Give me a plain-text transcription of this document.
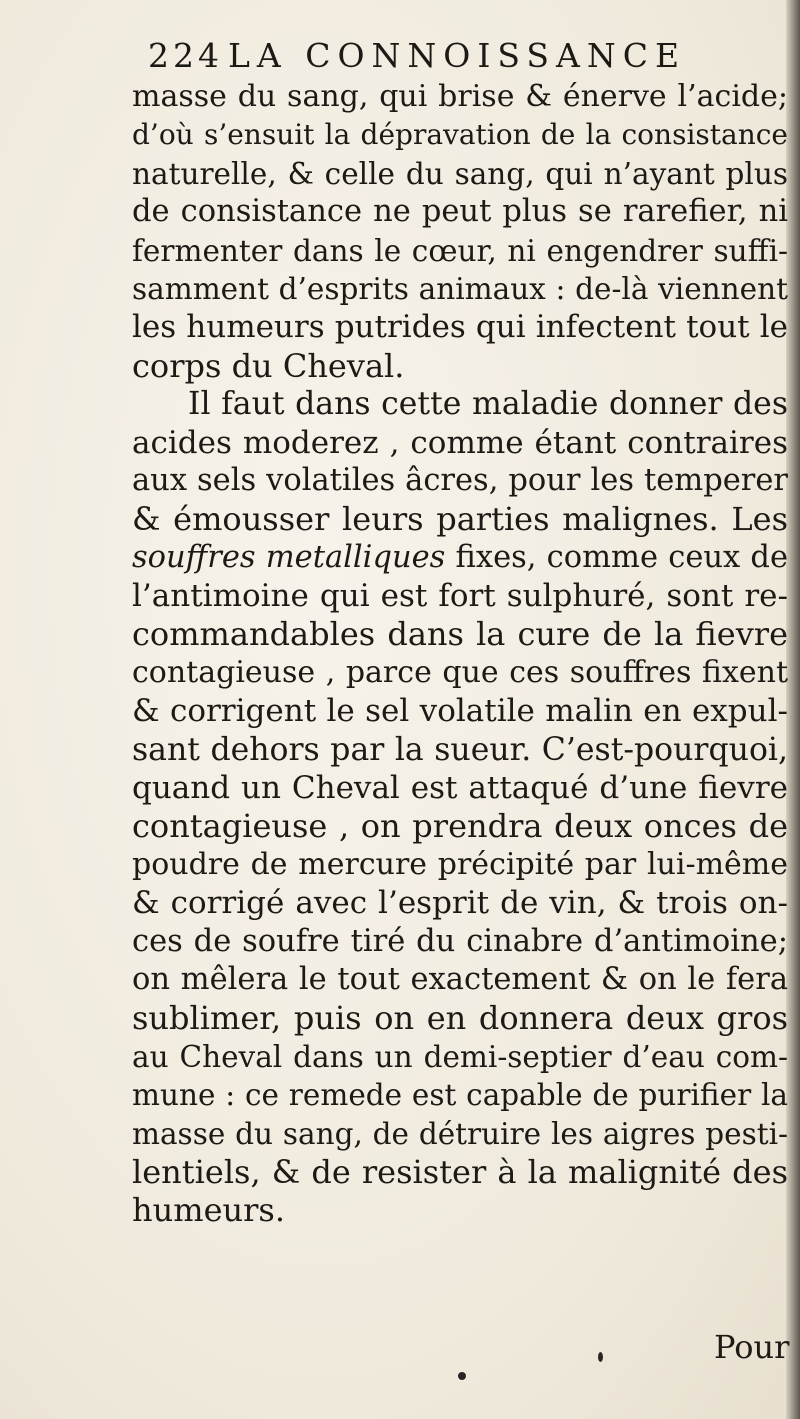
224 LA CONNOISSANCE
masse du sang, qui brise & énerve l’acide;
d’où s’ensuit la dépravation de la consistance
naturelle, & celle du sang, qui n’ayant plus
de consistance ne peut plus se rarefier, ni
fermenter dans le cœur, ni engendrer suffi-
samment d’esprits animaux : de-là viennent
les humeurs putrides qui infectent tout le
corps du Cheval.
Il faut dans cette maladie donner des
acides moderez , comme étant contraires
aux sels volatiles âcres, pour les temperer
& émousser leurs parties malignes. Les
souffres metalliques fixes, comme ceux de
l’antimoine qui est fort sulphuré, sont re-
commandables dans la cure de la fievre
contagieuse , parce que ces souffres fixent
& corrigent le sel volatile malin en expul-
sant dehors par la sueur. C’est-pourquoi,
quand un Cheval est attaqué d’une fievre
contagieuse , on prendra deux onces de
poudre de mercure précipité par lui-même
& corrigé avec l’esprit de vin, & trois on-
ces de soufre tiré du cinabre d’antimoine;
on mêlera le tout exactement & on le fera
sublimer, puis on en donnera deux gros
au Cheval dans un demi-septier d’eau com-
mune : ce remede est capable de purifier la
masse du sang, de détruire les aigres pesti-
lentiels, & de resister à la malignité des
humeurs.
Pour
